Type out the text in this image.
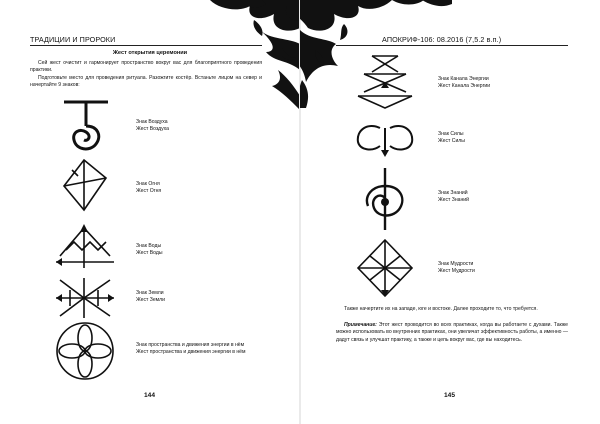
ТРАДИЦИИ И ПРОРОКИ
Жест открытия церемонии
Сей жест очистит и гармонирует пространство вокруг вас для благоприятного проведения практики.
Подготовьте место для проведения ритуала. Разожгите костёр. Встаньте лицом на север и начертайте 9 знаков:
Знак Воздуха
Жест Воздуха
Знак Огня
Жест Огня
Знак Воды
Жест Воды
Знак Земли
Жест Земли
Знак пространства и движения энергии в нём
Жест пространства и движения энергии в нём
144
АПОКРИФ-106: 08.2016 (7,5.2 в.п.)
Знак Канала Энергии
Жест Канала Энергии
Знак Силы
Жест Силы
Знак Знаний
Жест Знаний
Знак Мудрости
Жест Мудрости
Также начертите их на западе, юге и востоке. Далее проходите то, что требуется.
Примечание: Этот жест проводится во всех практиках, когда вы работаете с духами. Также можно использовать во внутренних практиках, они увеличат эффективность работы, а именно — дадут связь и улучшат практику, а также и цепь вокруг вас, где вы находитесь.
145
